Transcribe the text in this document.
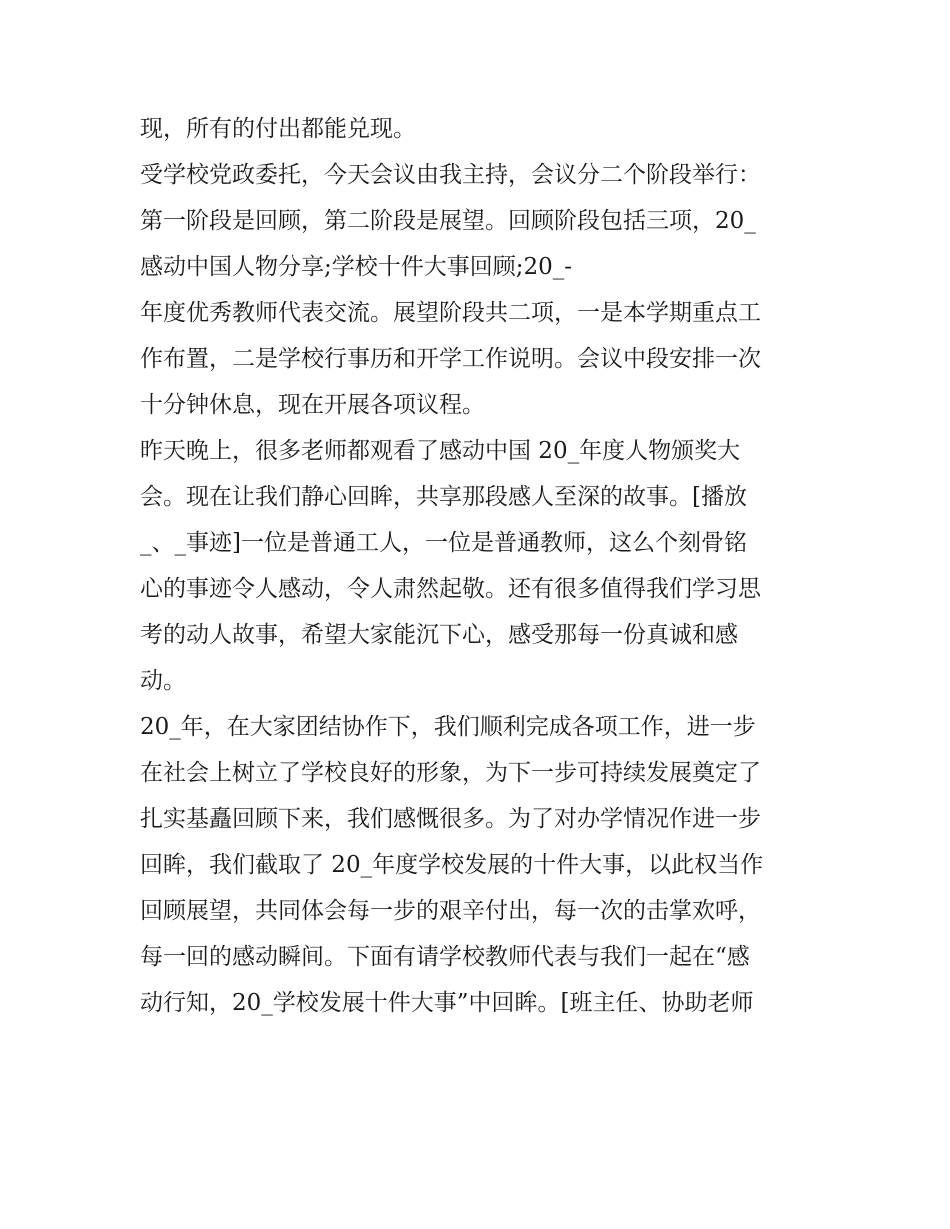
现，所有的付出都能兑现。
受学校党政委托，今天会议由我主持，会议分二个阶段举行：
第一阶段是回顾，第二阶段是展望。回顾阶段包括三项，20_
感动中国人物分享;学校十件大事回顾;20_-
年度优秀教师代表交流。展望阶段共二项，一是本学期重点工
作布置，二是学校行事历和开学工作说明。会议中段安排一次
十分钟休息，现在开展各项议程。
昨天晚上，很多老师都观看了感动中国 20_年度人物颁奖大
会。现在让我们静心回眸，共享那段感人至深的故事。[播放
_、_事迹]一位是普通工人，一位是普通教师，这么个刻骨铭
心的事迹令人感动，令人肃然起敬。还有很多值得我们学习思
考的动人故事，希望大家能沉下心，感受那每一份真诚和感
动。
20_年，在大家团结协作下，我们顺利完成各项工作，进一步
在社会上树立了学校良好的形象，为下一步可持续发展奠定了
扎实基矗回顾下来，我们感慨很多。为了对办学情况作进一步
回眸，我们截取了 20_年度学校发展的十件大事，以此权当作
回顾展望，共同体会每一步的艰辛付出，每一次的击掌欢呼，
每一回的感动瞬间。下面有请学校教师代表与我们一起在“感
动行知，20_学校发展十件大事”中回眸。[班主任、协助老师
